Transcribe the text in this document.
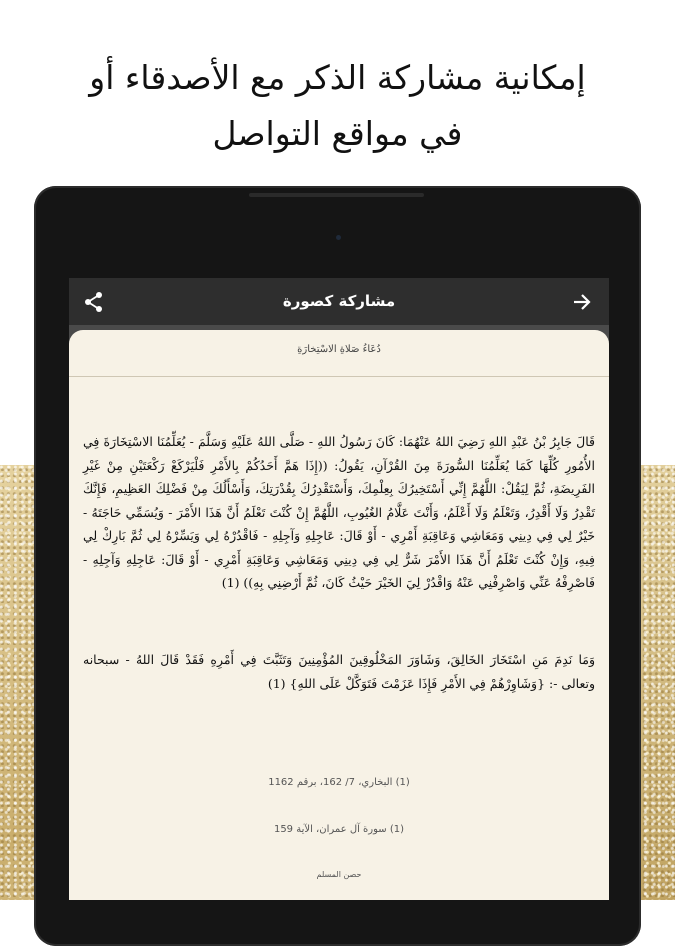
إمكانية مشاركة الذكر مع الأصدقاء أو
في مواقع التواصل
مشاركة كصورة
دُعَاءُ صَلاةِ الاسْتِخارَةِ
قَالَ جَابِرُ بْنُ عَبْدِ اللهِ رَضِيَ اللهُ عَنْهُمَا: كَانَ رَسُولُ اللهِ - صَلَّى اللهُ عَلَيْهِ وَسَلَّمَ - يُعَلِّمُنَا الاسْتِخَارَةَ فِي الأُمُورِ كُلِّهَا كَمَا يُعَلِّمُنَا السُّورَةَ مِنَ القُرْآنِ، يَقُولُ: ((إِذَا هَمَّ أَحَدُكُمْ بِالأَمْرِ فَلْيَرْكَعْ رَكْعَتَيْنِ مِنْ غَيْرِ الفَرِيضَةِ، ثُمَّ لِيَقُلْ: اللَّهُمَّ إِنِّي أَسْتَخِيرُكَ بِعِلْمِكَ، وَأَسْتَقْدِرُكَ بِقُدْرَتِكَ، وَأَسْأَلُكَ مِنْ فَضْلِكَ العَظِيمِ، فَإِنَّكَ تَقْدِرُ وَلَا أَقْدِرُ، وَتَعْلَمُ وَلَا أَعْلَمُ، وَأَنْتَ عَلَّامُ الغُيُوبِ، اللَّهُمَّ إِنْ كُنْتَ تَعْلَمُ أَنَّ هَذَا الأَمْرَ - وَيُسَمِّي حَاجَتَهُ - خَيْرٌ لِي فِي دِينِي وَمَعَاشِي وَعَاقِبَةِ أَمْرِي - أَوْ قَالَ: عَاجِلِهِ وَآجِلِهِ - فَاقْدُرْهُ لِي وَيَسِّرْهُ لِي ثُمَّ بَارِكْ لِي فِيهِ، وَإِنْ كُنْتَ تَعْلَمُ أَنَّ هَذَا الأَمْرَ شَرٌّ لِي فِي دِينِي وَمَعَاشِي وَعَاقِبَةِ أَمْرِي - أَوْ قَالَ: عَاجِلِهِ وَآجِلِهِ - فَاصْرِفْهُ عَنِّي وَاصْرِفْنِي عَنْهُ وَاقْدُرْ لِيَ الخَيْرَ حَيْثُ كَانَ، ثُمَّ أَرْضِنِي بِهِ)) (1)
وَمَا نَدِمَ مَنِ اسْتَخَارَ الخَالِقَ، وَشَاوَرَ المَخْلُوقِينَ المُؤْمِنِينَ وَتَثَبَّتَ فِي أَمْرِهِ فَقَدْ قَالَ اللهُ - سبحانه وتعالى -: {وَشَاوِرْهُمْ فِي الأَمْرِ فَإِذَا عَزَمْتَ فَتَوَكَّلْ عَلَى اللهِ} (1)
(1) البخاري، 7/ 162، برقم 1162
(1) سورة آل عمران، الآية 159
حصن المسلم
